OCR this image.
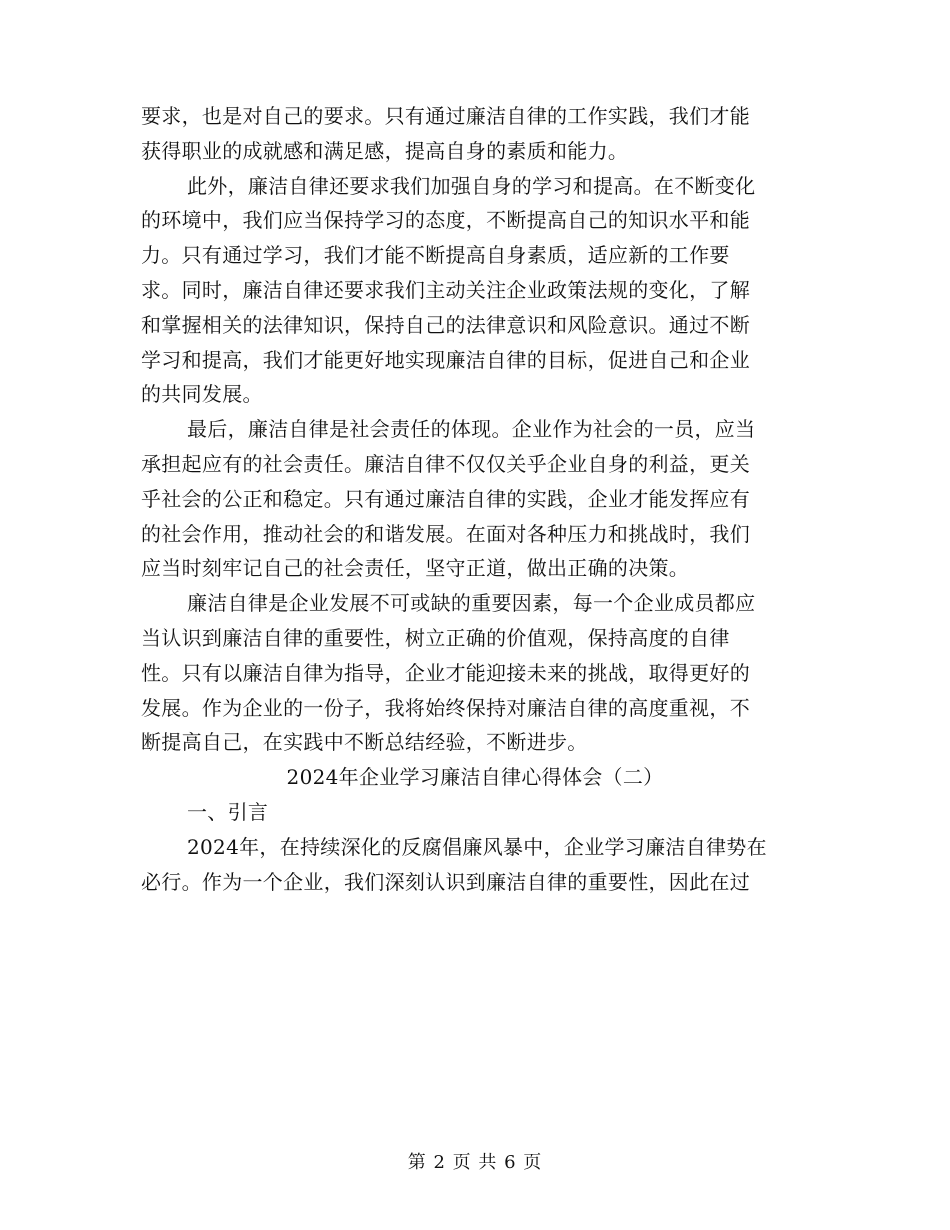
要求，也是对自己的要求。只有通过廉洁自律的工作实践，我们才能
获得职业的成就感和满足感，提高自身的素质和能力。
此外，廉洁自律还要求我们加强自身的学习和提高。在不断变化
的环境中，我们应当保持学习的态度，不断提高自己的知识水平和能
力。只有通过学习，我们才能不断提高自身素质，适应新的工作要
求。同时，廉洁自律还要求我们主动关注企业政策法规的变化，了解
和掌握相关的法律知识，保持自己的法律意识和风险意识。通过不断
学习和提高，我们才能更好地实现廉洁自律的目标，促进自己和企业
的共同发展。
最后，廉洁自律是社会责任的体现。企业作为社会的一员，应当
承担起应有的社会责任。廉洁自律不仅仅关乎企业自身的利益，更关
乎社会的公正和稳定。只有通过廉洁自律的实践，企业才能发挥应有
的社会作用，推动社会的和谐发展。在面对各种压力和挑战时，我们
应当时刻牢记自己的社会责任，坚守正道，做出正确的决策。
廉洁自律是企业发展不可或缺的重要因素，每一个企业成员都应
当认识到廉洁自律的重要性，树立正确的价值观，保持高度的自律
性。只有以廉洁自律为指导，企业才能迎接未来的挑战，取得更好的
发展。作为企业的一份子，我将始终保持对廉洁自律的高度重视，不
断提高自己，在实践中不断总结经验，不断进步。
2024年企业学习廉洁自律心得体会（二）
一、引言
2024年，在持续深化的反腐倡廉风暴中，企业学习廉洁自律势在
必行。作为一个企业，我们深刻认识到廉洁自律的重要性，因此在过
第 2 页 共 6 页
